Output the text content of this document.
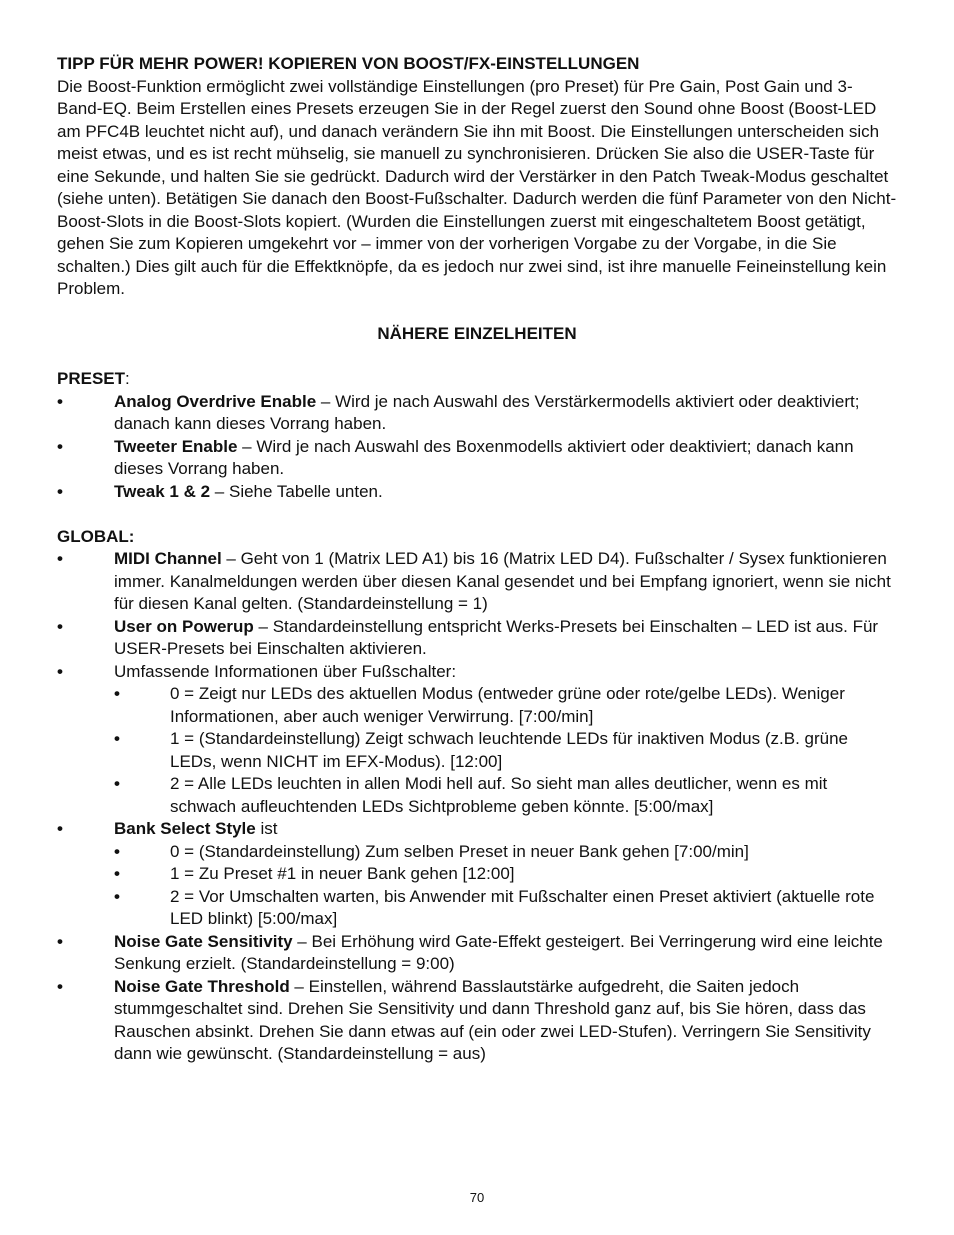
TIPP FÜR MEHR POWER! KOPIEREN VON BOOST/FX-EINSTELLUNGEN

Die Boost-Funktion ermöglicht zwei vollständige Einstellungen (pro Preset) für Pre Gain, Post Gain und 3-Band-EQ. Beim Erstellen eines Presets erzeugen Sie in der Regel zuerst den Sound ohne Boost (Boost-LED am PFC4B leuchtet nicht auf), und danach verändern Sie ihn mit Boost. Die Einstellungen unterscheiden sich meist etwas, und es ist recht mühselig, sie manuell zu synchronisieren. Drücken Sie also die USER-Taste für eine Sekunde, und halten Sie sie gedrückt. Dadurch wird der Verstärker in den Patch Tweak-Modus geschaltet (siehe unten). Betätigen Sie danach den Boost-Fußschalter. Dadurch werden die fünf Parameter von den Nicht-Boost-Slots in die Boost-Slots kopiert. (Wurden die Einstellungen zuerst mit eingeschaltetem Boost getätigt, gehen Sie zum Kopieren umgekehrt vor – immer von der vorherigen Vorgabe zu der Vorgabe, in die Sie schalten.) Dies gilt auch für die Effektknöpfe, da es jedoch nur zwei sind, ist ihre manuelle Feineinstellung kein Problem.

NÄHERE EINZELHEITEN

PRESET:

•	Analog Overdrive Enable – Wird je nach Auswahl des Verstärkermodells aktiviert oder deaktiviert; danach kann dieses Vorrang haben.
•	Tweeter Enable – Wird je nach Auswahl des Boxenmodells aktiviert oder deaktiviert; danach kann dieses Vorrang haben.
•	Tweak 1 & 2 – Siehe Tabelle unten.

GLOBAL:

•	MIDI Channel – Geht von 1 (Matrix LED A1) bis 16 (Matrix LED D4). Fußschalter / Sysex funktionieren immer. Kanalmeldungen werden über diesen Kanal gesendet und bei Empfang ignoriert, wenn sie nicht für diesen Kanal gelten. (Standardeinstellung = 1)
•	User on Powerup – Standardeinstellung entspricht Werks-Presets bei Einschalten – LED ist aus. Für USER-Presets bei Einschalten aktivieren.
•	Umfassende Informationen über Fußschalter:
•	0 = Zeigt nur LEDs des aktuellen Modus (entweder grüne oder rote/gelbe LEDs). Weniger Informationen, aber auch weniger Verwirrung. [7:00/min]
•	1 = (Standardeinstellung) Zeigt schwach leuchtende LEDs für inaktiven Modus (z.B. grüne LEDs, wenn NICHT im EFX-Modus). [12:00]
•	2 = Alle LEDs leuchten in allen Modi hell auf. So sieht man alles deutlicher, wenn es mit schwach aufleuchtenden LEDs Sichtprobleme geben könnte. [5:00/max]
•	Bank Select Style ist
•	0 = (Standardeinstellung) Zum selben Preset in neuer Bank gehen [7:00/min]
•	1 = Zu Preset #1 in neuer Bank gehen [12:00]
•	2 = Vor Umschalten warten, bis Anwender mit Fußschalter einen Preset aktiviert (aktuelle rote LED blinkt) [5:00/max]
•	Noise Gate Sensitivity – Bei Erhöhung wird Gate-Effekt gesteigert. Bei Verringerung wird eine leichte Senkung erzielt. (Standardeinstellung = 9:00)
•	Noise Gate Threshold – Einstellen, während Basslautstärke aufgedreht, die Saiten jedoch stummgeschaltet sind. Drehen Sie Sensitivity und dann Threshold ganz auf, bis Sie hören, dass das Rauschen absinkt. Drehen Sie dann etwas auf (ein oder zwei LED-Stufen). Verringern Sie Sensitivity dann wie gewünscht. (Standardeinstellung = aus)
70
